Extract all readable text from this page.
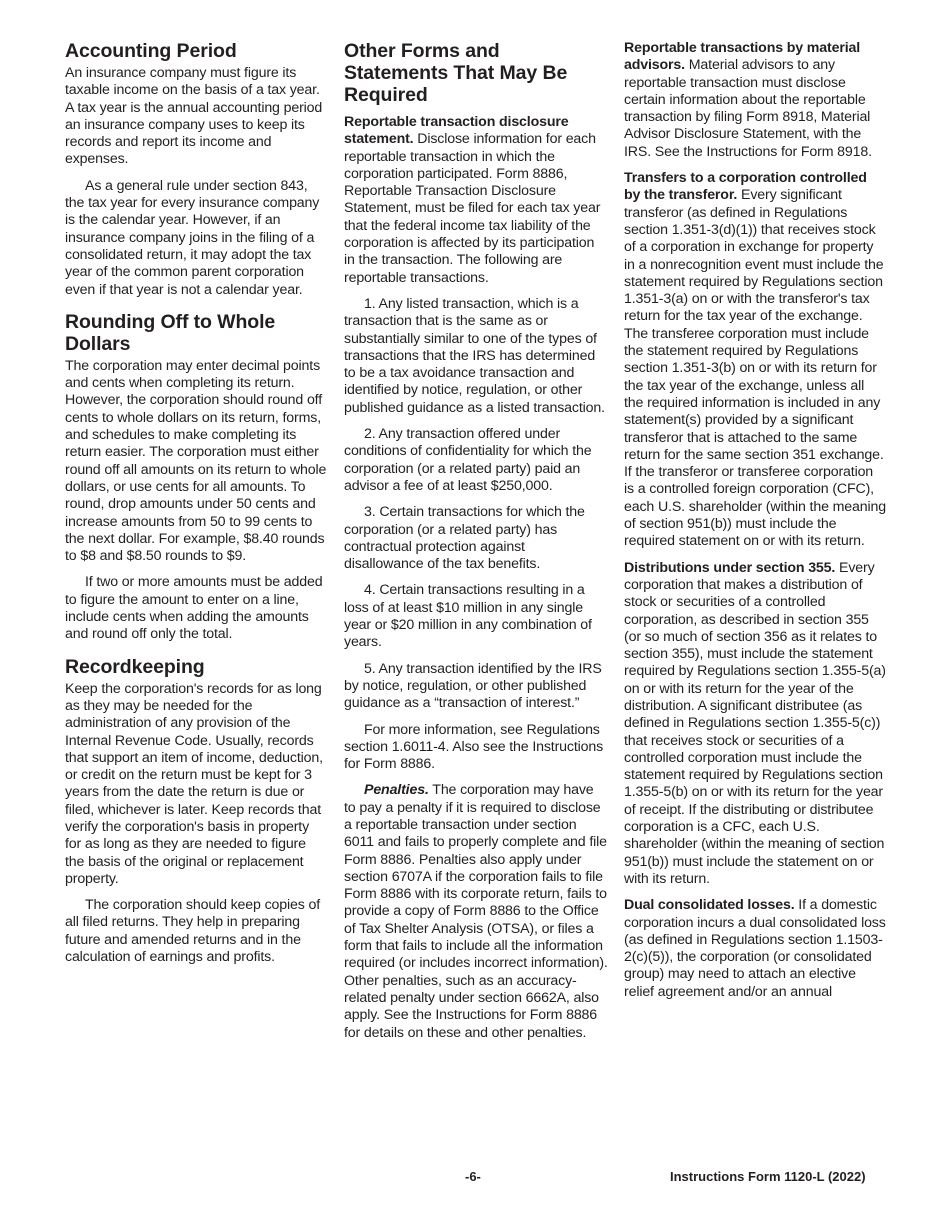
Accounting Period

An insurance company must figure its taxable income on the basis of a tax year. A tax year is the annual accounting period an insurance company uses to keep its records and report its income and expenses.

As a general rule under section 843, the tax year for every insurance company is the calendar year. However, if an insurance company joins in the filing of a consolidated return, it may adopt the tax year of the common parent corporation even if that year is not a calendar year.

Rounding Off to Whole Dollars

The corporation may enter decimal points and cents when completing its return. However, the corporation should round off cents to whole dollars on its return, forms, and schedules to make completing its return easier. The corporation must either round off all amounts on its return to whole dollars, or use cents for all amounts. To round, drop amounts under 50 cents and increase amounts from 50 to 99 cents to the next dollar. For example, $8.40 rounds to $8 and $8.50 rounds to $9.

If two or more amounts must be added to figure the amount to enter on a line, include cents when adding the amounts and round off only the total.

Recordkeeping

Keep the corporation's records for as long as they may be needed for the administration of any provision of the Internal Revenue Code. Usually, records that support an item of income, deduction, or credit on the return must be kept for 3 years from the date the return is due or filed, whichever is later. Keep records that verify the corporation's basis in property for as long as they are needed to figure the basis of the original or replacement property.

The corporation should keep copies of all filed returns. They help in preparing future and amended returns and in the calculation of earnings and profits.

Other Forms and Statements That May Be Required

Reportable transaction disclosure statement. Disclose information for each reportable transaction in which the corporation participated. Form 8886, Reportable Transaction Disclosure Statement, must be filed for each tax year that the federal income tax liability of the corporation is affected by its participation in the transaction. The following are reportable transactions.

1. Any listed transaction, which is a transaction that is the same as or substantially similar to one of the types of transactions that the IRS has determined to be a tax avoidance transaction and identified by notice, regulation, or other published guidance as a listed transaction.

2. Any transaction offered under conditions of confidentiality for which the corporation (or a related party) paid an advisor a fee of at least $250,000.

3. Certain transactions for which the corporation (or a related party) has contractual protection against disallowance of the tax benefits.

4. Certain transactions resulting in a loss of at least $10 million in any single year or $20 million in any combination of years.

5. Any transaction identified by the IRS by notice, regulation, or other published guidance as a “transaction of interest.”

For more information, see Regulations section 1.6011-4. Also see the Instructions for Form 8886.

Penalties. The corporation may have to pay a penalty if it is required to disclose a reportable transaction under section 6011 and fails to properly complete and file Form 8886. Penalties also apply under section 6707A if the corporation fails to file Form 8886 with its corporate return, fails to provide a copy of Form 8886 to the Office of Tax Shelter Analysis (OTSA), or files a form that fails to include all the information required (or includes incorrect information). Other penalties, such as an accuracy-related penalty under section 6662A, also apply. See the Instructions for Form 8886 for details on these and other penalties.

Reportable transactions by material advisors. Material advisors to any reportable transaction must disclose certain information about the reportable transaction by filing Form 8918, Material Advisor Disclosure Statement, with the IRS. See the Instructions for Form 8918.

Transfers to a corporation controlled by the transferor. Every significant transferor (as defined in Regulations section 1.351-3(d)(1)) that receives stock of a corporation in exchange for property in a nonrecognition event must include the statement required by Regulations section 1.351-3(a) on or with the transferor's tax return for the tax year of the exchange. The transferee corporation must include the statement required by Regulations section 1.351-3(b) on or with its return for the tax year of the exchange, unless all the required information is included in any statement(s) provided by a significant transferor that is attached to the same return for the same section 351 exchange. If the transferor or transferee corporation is a controlled foreign corporation (CFC), each U.S. shareholder (within the meaning of section 951(b)) must include the required statement on or with its return.

Distributions under section 355. Every corporation that makes a distribution of stock or securities of a controlled corporation, as described in section 355 (or so much of section 356 as it relates to section 355), must include the statement required by Regulations section 1.355-5(a) on or with its return for the year of the distribution. A significant distributee (as defined in Regulations section 1.355-5(c)) that receives stock or securities of a controlled corporation must include the statement required by Regulations section 1.355-5(b) on or with its return for the year of receipt. If the distributing or distributee corporation is a CFC, each U.S. shareholder (within the meaning of section 951(b)) must include the statement on or with its return.

Dual consolidated losses. If a domestic corporation incurs a dual consolidated loss (as defined in Regulations section 1.1503-2(c)(5)), the corporation (or consolidated group) may need to attach an elective relief agreement and/or an annual

-6-	Instructions Form 1120-L (2022)
